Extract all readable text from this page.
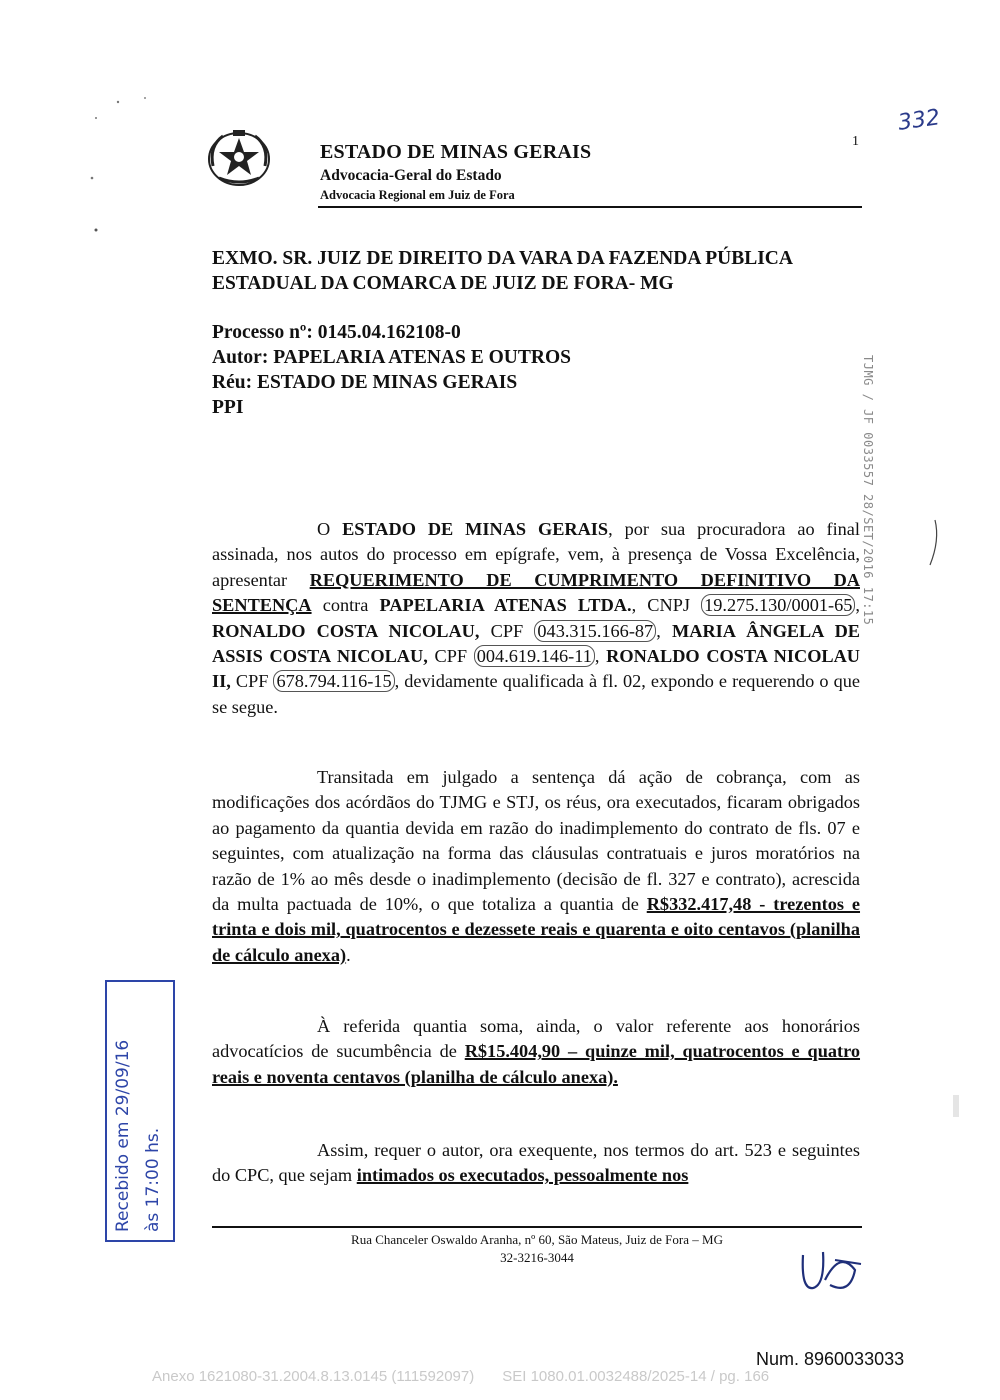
ESTADO DE MINAS GERAIS
Advocacia-Geral do Estado
Advocacia Regional em Juiz de Fora
1
332
EXMO. SR. JUIZ DE DIREITO DA VARA DA FAZENDA PÚBLICA ESTADUAL DA COMARCA DE JUIZ DE FORA- MG
Processo nº: 0145.04.162108-0
Autor: PAPELARIA ATENAS E OUTROS
Réu: ESTADO DE MINAS GERAIS
PPI
O ESTADO DE MINAS GERAIS, por sua procuradora ao final assinada, nos autos do processo em epígrafe, vem, à presença de Vossa Excelência, apresentar REQUERIMENTO DE CUMPRIMENTO DEFINITIVO DA SENTENÇA contra PAPELARIA ATENAS LTDA., CNPJ 19.275.130/0001-65 , RONALDO COSTA NICOLAU, CPF 043.315.166-87 , MARIA ÂNGELA DE ASSIS COSTA NICOLAU, CPF 004.619.146-11 , RONALDO COSTA NICOLAU II, CPF 678.794.116-15 , devidamente qualificada à fl. 02, expondo e requerendo o que se segue.
Transitada em julgado a sentença dá ação de cobrança, com as modificações dos acórdãos do TJMG e STJ, os réus, ora executados, ficaram obrigados ao pagamento da quantia devida em razão do inadimplemento do contrato de fls. 07 e seguintes, com atualização na forma das cláusulas contratuais e juros moratórios na razão de 1% ao mês desde o inadimplemento (decisão de fl. 327 e contrato), acrescida da multa pactuada de 10%, o que totaliza a quantia de R$332.417,48 - trezentos e trinta e dois mil, quatrocentos e dezessete reais e quarenta e oito centavos (planilha de cálculo anexa).
À referida quantia soma, ainda, o valor referente aos honorários advocatícios de sucumbência de R$15.404,90 – quinze mil, quatrocentos e quatro reais e noventa centavos (planilha de cálculo anexa).
Assim, requer o autor, ora exequente, nos termos do art. 523 e seguintes do CPC, que sejam intimados os executados, pessoalmente nos
Rua Chanceler Oswaldo Aranha, nº 60, São Mateus, Juiz de Fora – MG
32-3216-3044
TJMG / JF 0033557 28/SET/2016 17:15
Recebido em 29/09/16 às 17:00 hs.
Num. 8960033033
Anexo 1621080-31.2004.8.13.0145 (111592097) SEI 1080.01.0032488/2025-14 / pg. 166
